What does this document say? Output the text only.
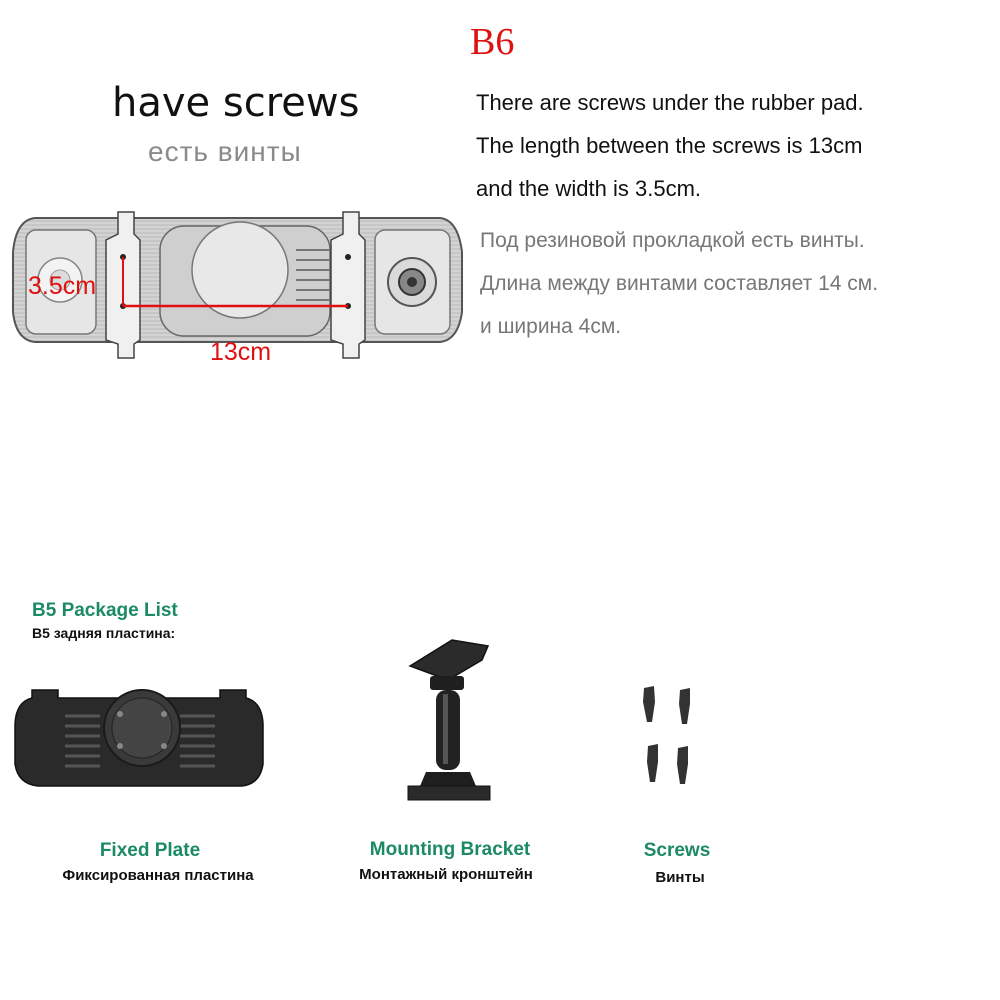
B6
have screws
есть винты
There are screws under the rubber pad.
The length between the screws is 13cm
and the width is 3.5cm.
Под резиновой прокладкой есть винты.
Длина между винтами составляет 14 см.
и ширина 4см.
3.5cm
13cm
B5 Package List
B5 задняя пластина:
Fixed Plate
Фиксированная пластина
Mounting Bracket
Монтажный кронштейн
Screws
Винты
